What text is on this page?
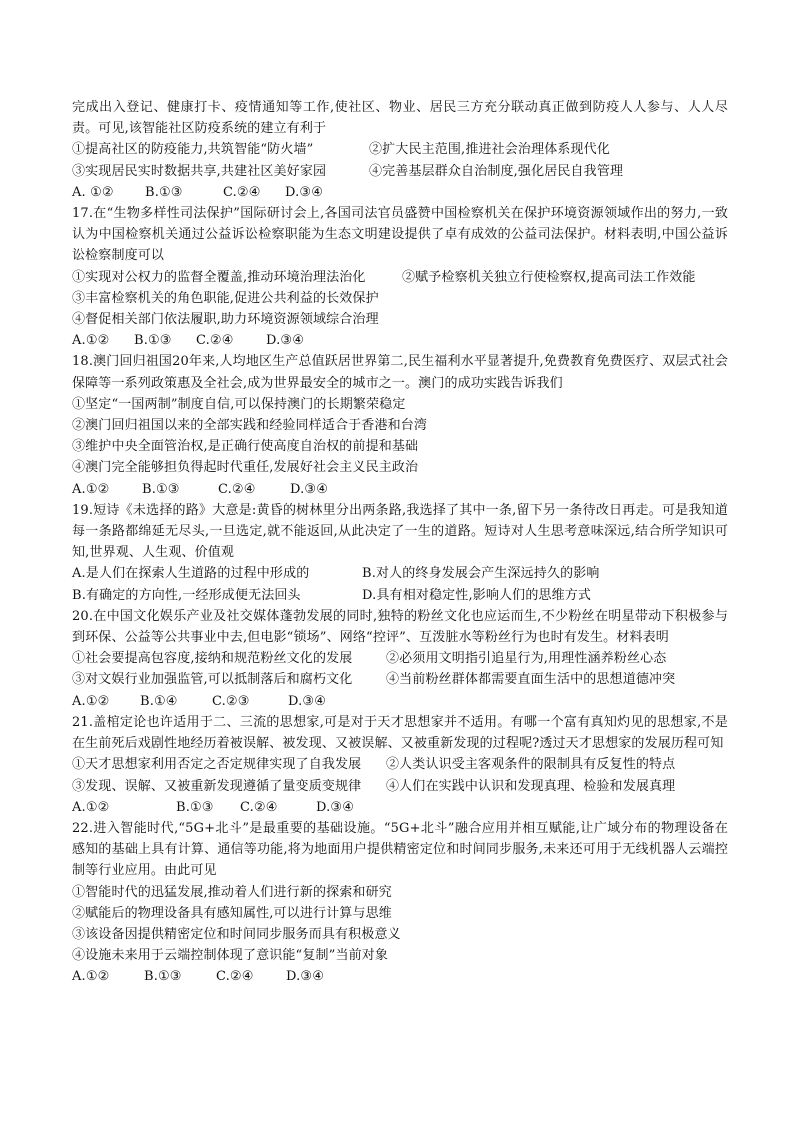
完成出入登记、健康打卡、疫情通知等工作,使社区、物业、居民三方充分联动真正做到防疫人人参与、人人尽责。可见,该智能社区防疫系统的建立有利于

①提高社区的防疫能力,共筑智能“防火墙”	②扩大民主范围,推进社会治理体系现代化
③实现居民实时数据共享,共建社区美好家园	④完善基层群众自治制度,强化居民自我管理
A. ①② B.①③	C.②④ D.③④

17.在“生物多样性司法保护”国际研讨会上,各国司法官员盛赞中国检察机关在保护环境资源领域作出的努力,一致认为中国检察机关通过公益诉讼检察职能为生态文明建设提供了卓有成效的公益司法保护。材料表明,中国公益诉讼检察制度可以

①实现对公权力的监督全覆盖,推动环境治理法治化	②赋予检察机关独立行使检察权,提高司法工作效能

③丰富检察机关的角色职能,促进公共利益的长效保护

④督促相关部门依法履职,助力环境资源领域综合治理

A.①② B.①③ C.②④ D.③④

18.澳门回归祖国20年来,人均地区生产总值跃居世界第二,民生福利水平显著提升,免费教育免费医疗、双层式社会保障等一系列政策惠及全社会,成为世界最安全的城市之一。澳门的成功实践告诉我们

①坚定“一国两制”制度自信,可以保持澳门的长期繁荣稳定

②澳门回归祖国以来的全部实践和经验同样适合于香港和台湾

③维护中央全面管治权,是正确行使高度自治权的前提和基础

④澳门完全能够担负得起时代重任,发展好社会主义民主政治

A.①②	B.①③	C.②④	D.③④

19.短诗《未选择的路》大意是:黄昏的树林里分出两条路,我选择了其中一条,留下另一条待改日再走。可是我知道每一条路都绵延无尽头,一旦选定,就不能返回,从此决定了一生的道路。短诗对人生思考意味深远,结合所学知识可知,世界观、人生观、价值观

A.是人们在探索人生道路的过程中形成的	B.对人的终身发展会产生深远持久的影响
B.有确定的方向性,一经形成便无法回头	D.具有相对稳定性,影响人们的思维方式

20.在中国文化娱乐产业及社交媒体蓬勃发展的同时,独特的粉丝文化也应运而生,不少粉丝在明星带动下积极参与到环保、公益等公共事业中去,但电影“锁场”、网络“控评”、互泼脏水等粉丝行为也时有发生。材料表明

①社会要提高包容度,接纳和规范粉丝文化的发展	②必须用文明指引追星行为,用理性涵养粉丝心态
③对文娱行业加强监管,可以抵制落后和腐朽文化	④当前粉丝群体都需要直面生活中的思想道德冲突
A.①② B.①④	C.②③	D.③④

21.盖棺定论也许适用于二、三流的思想家,可是对于天才思想家并不适用。有哪一个富有真知灼见的思想家,不是在生前死后戏剧性地经历着被误解、被发现、又被误解、又被重新发现的过程呢?透过天才思想家的发展历程可知

①天才思想家利用否定之否定规律实现了自我发展	②人类认识受主客观条件的限制具有反复性的特点
③发现、误解、又被重新发现遵循了量变质变规律	④人们在实践中认识和发现真理、检验和发展真理
A.①②	B.①③ C.②④	D.③④

22.进入智能时代,“5G+北斗”是最重要的基础设施。“5G+北斗”融合应用并相互赋能,让广域分布的物理设备在感知的基础上具有计算、通信等功能,将为地面用户提供精密定位和时间同步服务,未来还可用于无线机器人云端控制等行业应用。由此可见

①智能时代的迅猛发展,推动着人们进行新的探索和研究

②赋能后的物理设备具有感知属性,可以进行计算与思维

③该设备因提供精密定位和时间同步服务而具有积极意义

④设施未来用于云端控制体现了意识能“复制”当前对象

A.①②	B.①③	C.②④ D.③④
